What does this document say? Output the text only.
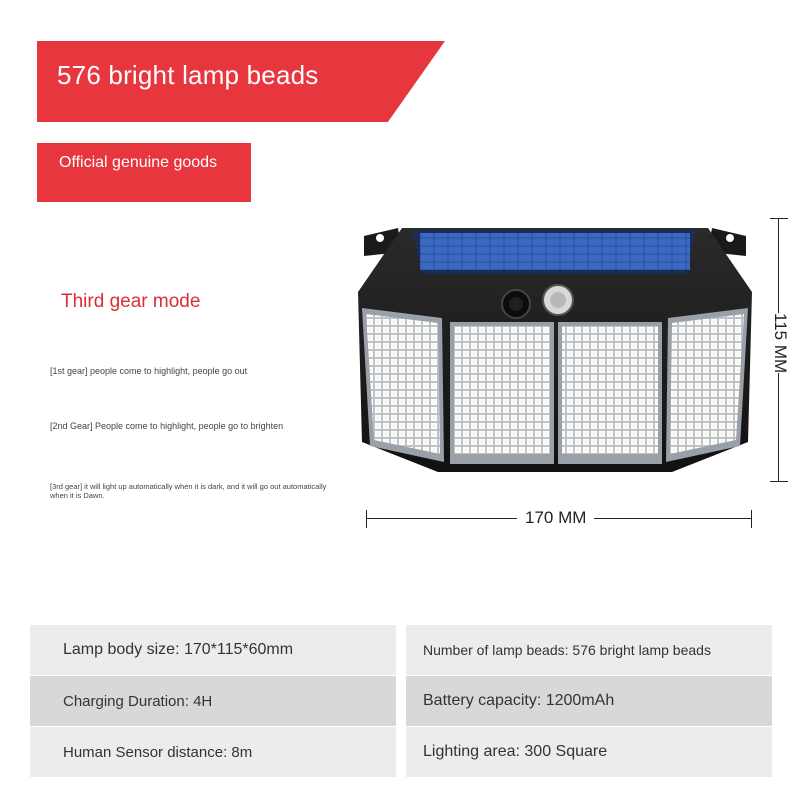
576 bright lamp beads
Official genuine goods
Third gear mode
[1st gear] people come to highlight, people go out
[2nd Gear] People come to highlight, people go to brighten
[3rd gear] it will light up automatically when it is dark, and it will go out automatically when it is Dawn.
115 MM
170 MM
Lamp body size: 170*115*60mm	Number of lamp beads: 576 bright lamp beads
Charging Duration: 4H	Battery capacity: 1200mAh
Human Sensor distance: 8m	Lighting area: 300 Square
